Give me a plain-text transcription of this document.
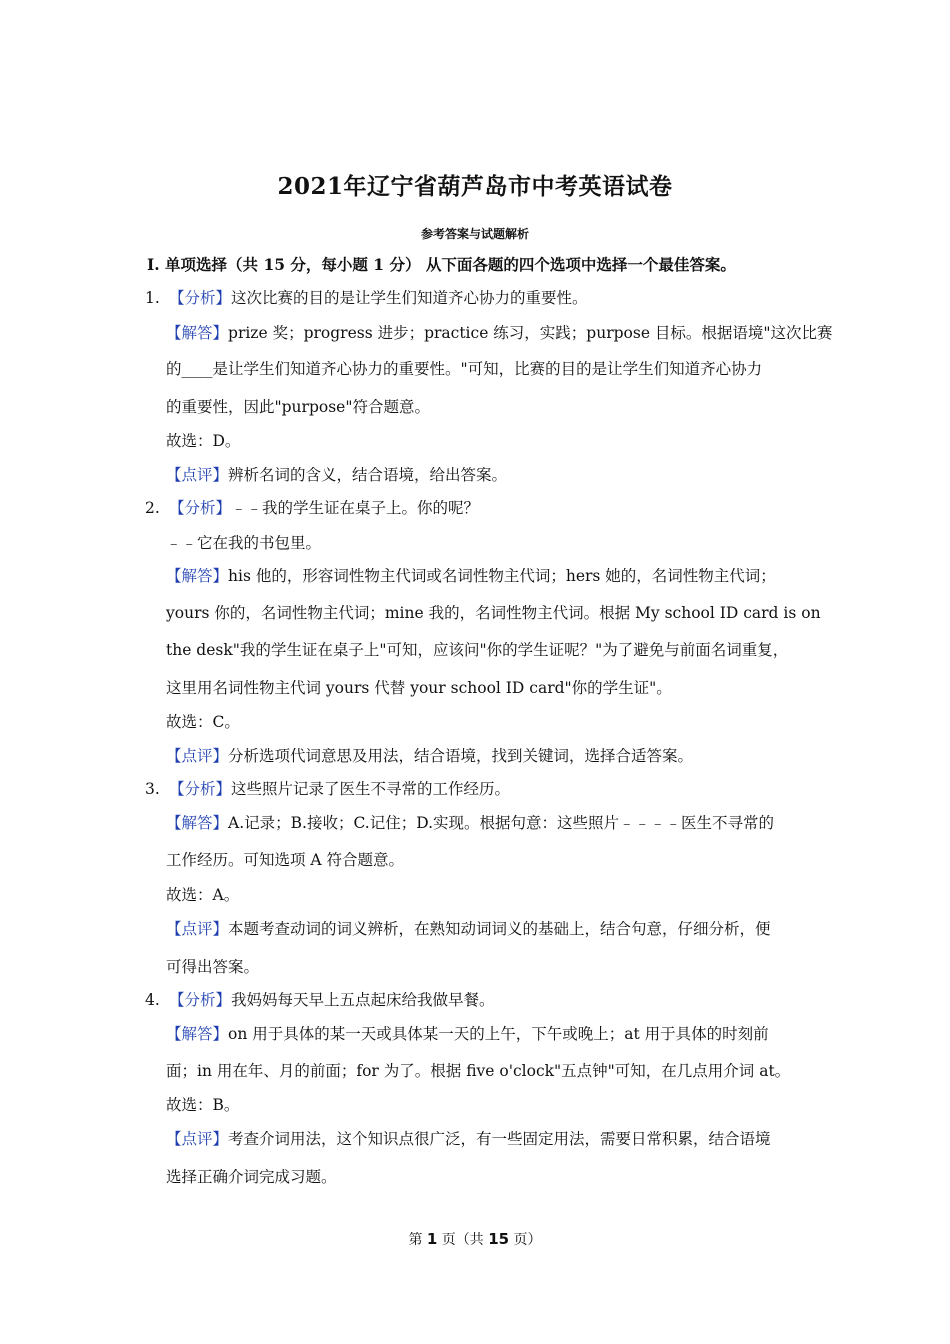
2021年辽宁省葫芦岛市中考英语试卷
参考答案与试题解析
Ⅰ. 单项选择（共 15 分，每小题 1 分） 从下面各题的四个选项中选择一个最佳答案。
1. 【分析】这次比赛的目的是让学生们知道齐心协力的重要性。
【解答】prize 奖；progress 进步；practice 练习，实践；purpose 目标。根据语境"这次比赛
的____是让学生们知道齐心协力的重要性。"可知，比赛的目的是让学生们知道齐心协力
的重要性，因此"purpose"符合题意。
故选：D。
【点评】辨析名词的含义，结合语境，给出答案。
2. 【分析】﹣﹣我的学生证在桌子上。你的呢？
﹣﹣它在我的书包里。
【解答】his 他的，形容词性物主代词或名词性物主代词；hers 她的，名词性物主代词；
yours 你的，名词性物主代词；mine 我的，名词性物主代词。根据 My school ID card is on
the desk"我的学生证在桌子上"可知，应该问"你的学生证呢？"为了避免与前面名词重复，
这里用名词性物主代词 yours 代替 your school ID card"你的学生证"。
故选：C。
【点评】分析选项代词意思及用法，结合语境，找到关键词，选择合适答案。
3. 【分析】这些照片记录了医生不寻常的工作经历。
【解答】A.记录；B.接收；C.记住；D.实现。根据句意：这些照片﹣﹣﹣﹣医生不寻常的
工作经历。可知选项 A 符合题意。
故选：A。
【点评】本题考查动词的词义辨析，在熟知动词词义的基础上，结合句意，仔细分析，便
可得出答案。
4. 【分析】我妈妈每天早上五点起床给我做早餐。
【解答】on 用于具体的某一天或具体某一天的上午，下午或晚上；at 用于具体的时刻前
面；in 用在年、月的前面；for 为了。根据 five o'clock"五点钟"可知，在几点用介词 at。
故选：B。
【点评】考查介词用法，这个知识点很广泛，有一些固定用法，需要日常积累，结合语境
选择正确介词完成习题。
第 1 页（共 15 页）
